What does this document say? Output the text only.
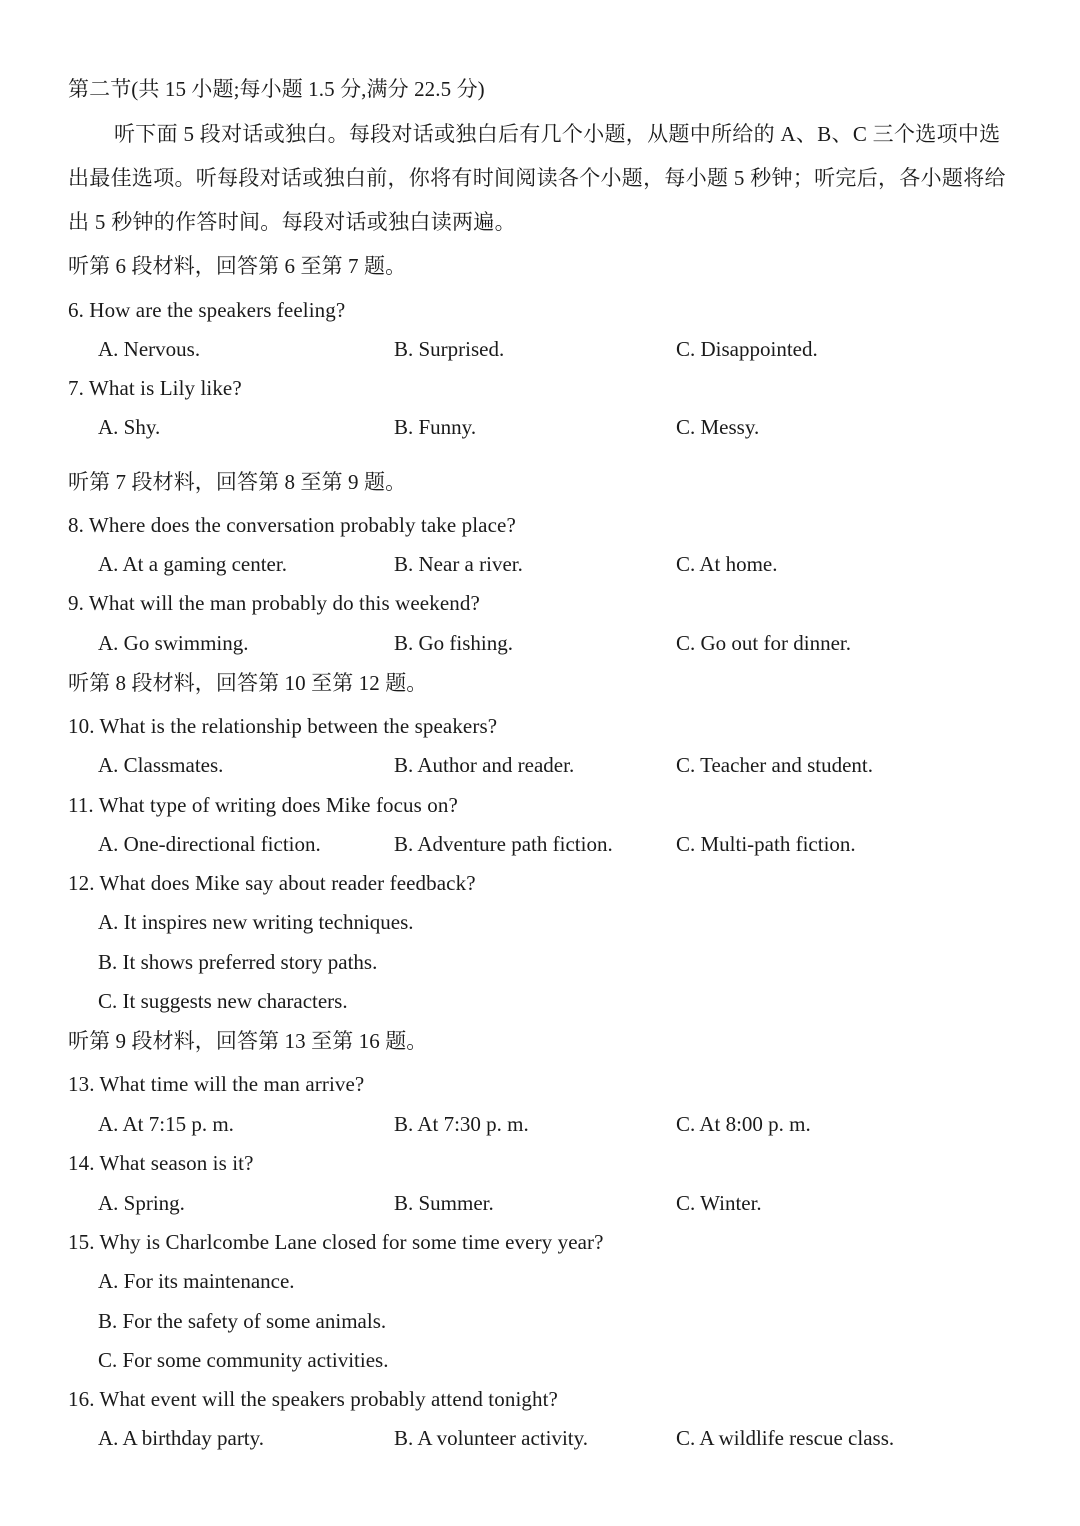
第二节(共 15 小题;每小题 1.5 分,满分 22.5 分)

听下面 5 段对话或独白。每段对话或独白后有几个小题，从题中所给的 A、B、C 三个选项中选出最佳选项。听每段对话或独白前，你将有时间阅读各个小题，每小题 5 秒钟；听完后，各小题将给出 5 秒钟的作答时间。每段对话或独白读两遍。

听第 6 段材料，回答第 6 至第 7 题。
6. How are the speakers feeling?
A. Nervous.	B. Surprised.	C. Disappointed.
7. What is Lily like?
A. Shy.	B. Funny.	C. Messy.
听第 7 段材料，回答第 8 至第 9 题。
8. Where does the conversation probably take place?
A. At a gaming center.	B. Near a river.	C. At home.
9. What will the man probably do this weekend?
A. Go swimming.	B. Go fishing.	C. Go out for dinner.
听第 8 段材料，回答第 10 至第 12 题。
10. What is the relationship between the speakers?
A. Classmates.	B. Author and reader.	C. Teacher and student.
11. What type of writing does Mike focus on?
A. One-directional fiction.	B. Adventure path fiction.	C. Multi-path fiction.
12. What does Mike say about reader feedback?
A. It inspires new writing techniques.
B. It shows preferred story paths.
C. It suggests new characters.
听第 9 段材料，回答第 13 至第 16 题。
13. What time will the man arrive?
A. At 7:15 p. m.	B. At 7:30 p. m.	C. At 8:00 p. m.
14. What season is it?
A. Spring.	B. Summer.	C. Winter.
15. Why is Charlcombe Lane closed for some time every year?
A. For its maintenance.
B. For the safety of some animals.
C. For some community activities.
16. What event will the speakers probably attend tonight?
A. A birthday party.	B. A volunteer activity.	C. A wildlife rescue class.
